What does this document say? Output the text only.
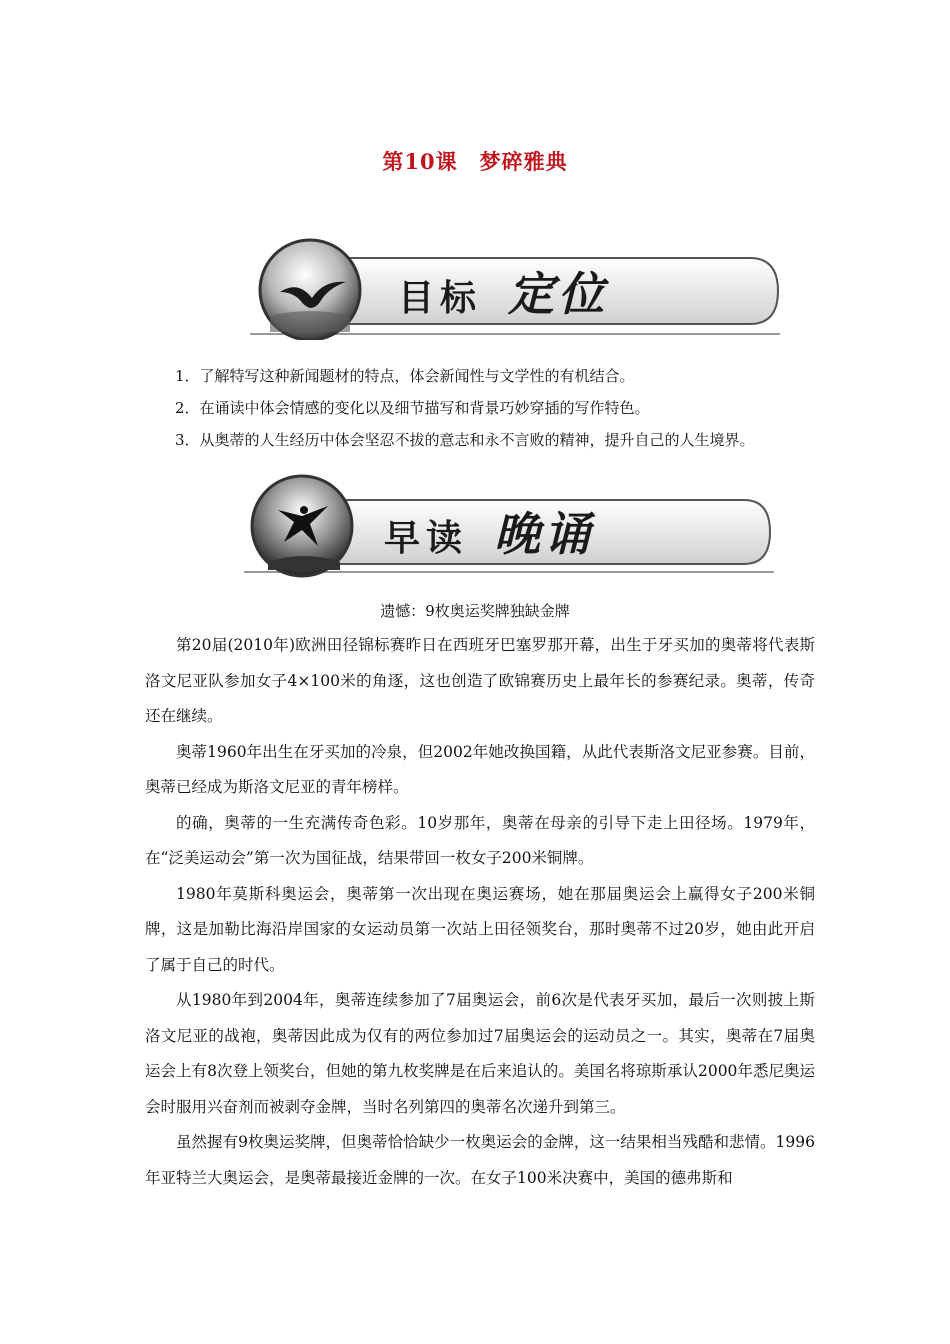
第10课　梦碎雅典
目标 定位
1．了解特写这种新闻题材的特点，体会新闻性与文学性的有机结合。
2．在诵读中体会情感的变化以及细节描写和背景巧妙穿插的写作特色。
3．从奥蒂的人生经历中体会坚忍不拔的意志和永不言败的精神，提升自己的人生境界。
早读 晚诵
遗憾：9枚奥运奖牌独缺金牌

第20届(2010年)欧洲田径锦标赛昨日在西班牙巴塞罗那开幕，出生于牙买加的奥蒂将代表斯洛文尼亚队参加女子4×100米的角逐，这也创造了欧锦赛历史上最年长的参赛纪录。奥蒂，传奇还在继续。

奥蒂1960年出生在牙买加的冷泉，但2002年她改换国籍，从此代表斯洛文尼亚参赛。目前，奥蒂已经成为斯洛文尼亚的青年榜样。

的确，奥蒂的一生充满传奇色彩。10岁那年，奥蒂在母亲的引导下走上田径场。1979年，在“泛美运动会”第一次为国征战，结果带回一枚女子200米铜牌。

1980年莫斯科奥运会，奥蒂第一次出现在奥运赛场，她在那届奥运会上赢得女子200米铜牌，这是加勒比海沿岸国家的女运动员第一次站上田径领奖台，那时奥蒂不过20岁，她由此开启了属于自己的时代。

从1980年到2004年，奥蒂连续参加了7届奥运会，前6次是代表牙买加，最后一次则披上斯洛文尼亚的战袍，奥蒂因此成为仅有的两位参加过7届奥运会的运动员之一。其实，奥蒂在7届奥运会上有8次登上领奖台，但她的第九枚奖牌是在后来追认的。美国名将琼斯承认2000年悉尼奥运会时服用兴奋剂而被剥夺金牌，当时名列第四的奥蒂名次递升到第三。

虽然握有9枚奥运奖牌，但奥蒂恰恰缺少一枚奥运会的金牌，这一结果相当残酷和悲情。1996年亚特兰大奥运会，是奥蒂最接近金牌的一次。在女子100米决赛中，美国的德弗斯和
